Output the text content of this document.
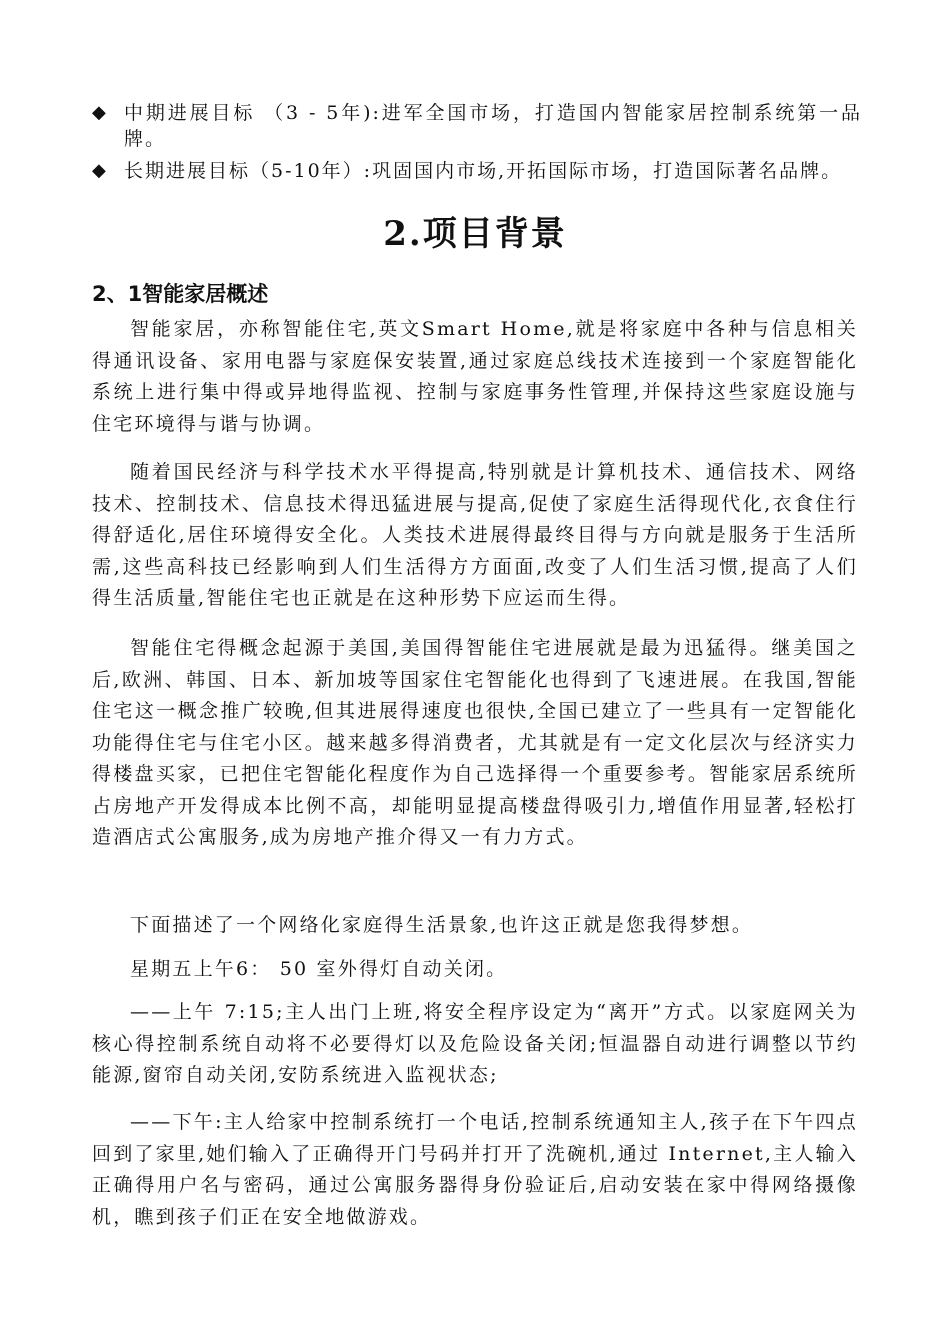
◆ 中期进展目标 （3 - 5年):进军全国市场，打造国内智能家居控制系统第一品牌。
◆ 长期进展目标（5-10年）:巩固国内市场,开拓国际市场，打造国际著名品牌。
2.项目背景
2、1智能家居概述

智能家居，亦称智能住宅,英文Smart Home,就是将家庭中各种与信息相关得通讯设备、家用电器与家庭保安装置,通过家庭总线技术连接到一个家庭智能化系统上进行集中得或异地得监视、控制与家庭事务性管理,并保持这些家庭设施与住宅环境得与谐与协调。

随着国民经济与科学技术水平得提高,特别就是计算机技术、通信技术、网络技术、控制技术、信息技术得迅猛进展与提高,促使了家庭生活得现代化,衣食住行得舒适化,居住环境得安全化。人类技术进展得最终目得与方向就是服务于生活所需,这些高科技已经影响到人们生活得方方面面,改变了人们生活习惯,提高了人们得生活质量,智能住宅也正就是在这种形势下应运而生得。

智能住宅得概念起源于美国,美国得智能住宅进展就是最为迅猛得。继美国之后,欧洲、韩国、日本、新加坡等国家住宅智能化也得到了飞速进展。在我国,智能住宅这一概念推广较晚,但其进展得速度也很快,全国已建立了一些具有一定智能化功能得住宅与住宅小区。越来越多得消费者，尤其就是有一定文化层次与经济实力得楼盘买家，已把住宅智能化程度作为自己选择得一个重要参考。智能家居系统所占房地产开发得成本比例不高，却能明显提高楼盘得吸引力,增值作用显著,轻松打造酒店式公寓服务,成为房地产推介得又一有力方式。

下面描述了一个网络化家庭得生活景象,也许这正就是您我得梦想。

星期五上午6： 50 室外得灯自动关闭。

——上午 7:15;主人出门上班,将安全程序设定为“离开”方式。以家庭网关为核心得控制系统自动将不必要得灯以及危险设备关闭;恒温器自动进行调整以节约能源,窗帘自动关闭,安防系统进入监视状态;

——下午:主人给家中控制系统打一个电话,控制系统通知主人,孩子在下午四点回到了家里,她们输入了正确得开门号码并打开了洗碗机,通过 Internet,主人输入正确得用户名与密码，通过公寓服务器得身份验证后,启动安装在家中得网络摄像机，瞧到孩子们正在安全地做游戏。
